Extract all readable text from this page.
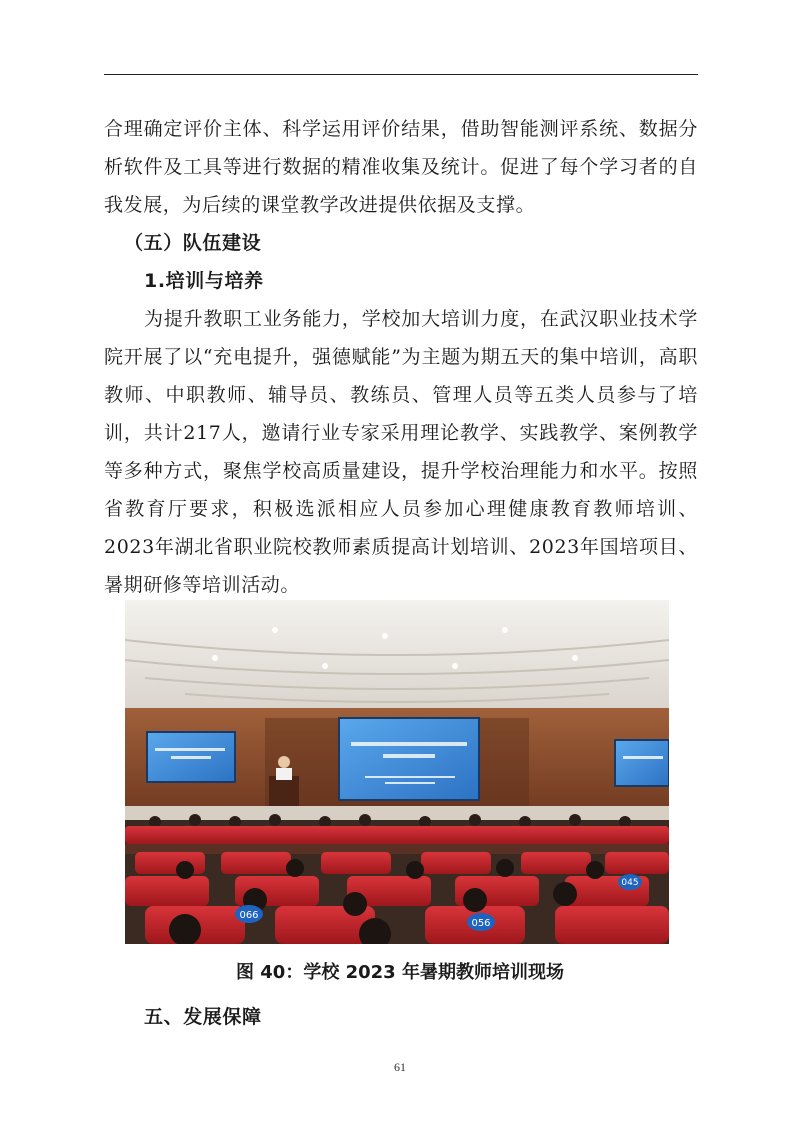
合理确定评价主体、科学运用评价结果，借助智能测评系统、数据分析软件及工具等进行数据的精准收集及统计。促进了每个学习者的自我发展，为后续的课堂教学改进提供依据及支撑。

（五）队伍建设
1.培训与培养

为提升教职工业务能力，学校加大培训力度，在武汉职业技术学院开展了以“充电提升，强德赋能”为主题为期五天的集中培训，高职教师、中职教师、辅导员、教练员、管理人员等五类人员参与了培训，共计217人，邀请行业专家采用理论教学、实践教学、案例教学等多种方式，聚焦学校高质量建设，提升学校治理能力和水平。按照省教育厅要求，积极选派相应人员参加心理健康教育教师培训、2023年湖北省职业院校教师素质提高计划培训、2023年国培项目、暑期研修等培训活动。

066
056
045

图 40：学校 2023 年暑期教师培训现场

五、发展保障
61
